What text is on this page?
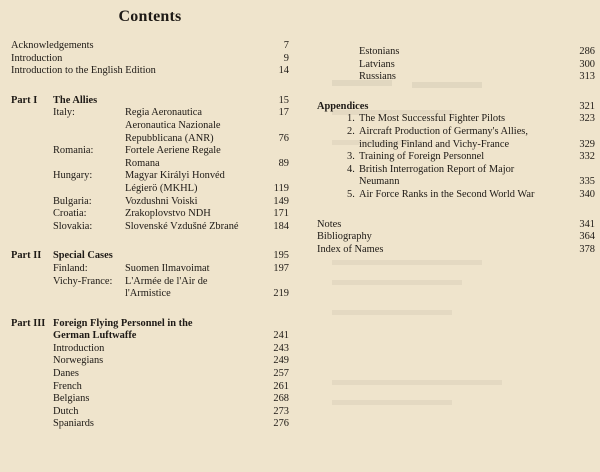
Contents
Acknowledgements	7
Introduction	9
Introduction to the English Edition	14
Part I The Allies	15
Italy:	Regia Aeronautica	17
Aeronautica Nazionale Repubblicana (ANR)	76
Romania:	Fortele Aeriene Regale Romana	89
Hungary:	Magyar Királyi Honvéd Légierö (MKHL)	119
Bulgaria:	Vozdushni Voiski	149
Croatia:	Zrakoplovstvo NDH	171
Slovakia:	Slovenské Vzdušné Zbrané	184
Part II Special Cases	195
Finland:	Suomen Ilmavoimat	197
Vichy-France: L'Armée de l'Air de l'Armistice	219
Part III Foreign Flying Personnel in the German Luftwaffe	241
Introduction	243
Norwegians	249
Danes	257
French	261
Belgians	268
Dutch	273
Spaniards	276
Estonians	286
Latvians	300
Russians	313
Appendices	321
1. The Most Successful Fighter Pilots	323
2. Aircraft Production of Germany's Allies, including Finland and Vichy-France	329
3. Training of Foreign Personnel	332
4. British Interrogation Report of Major Neumann	335
5. Air Force Ranks in the Second World War	340
Notes	341
Bibliography	364
Index of Names	378
